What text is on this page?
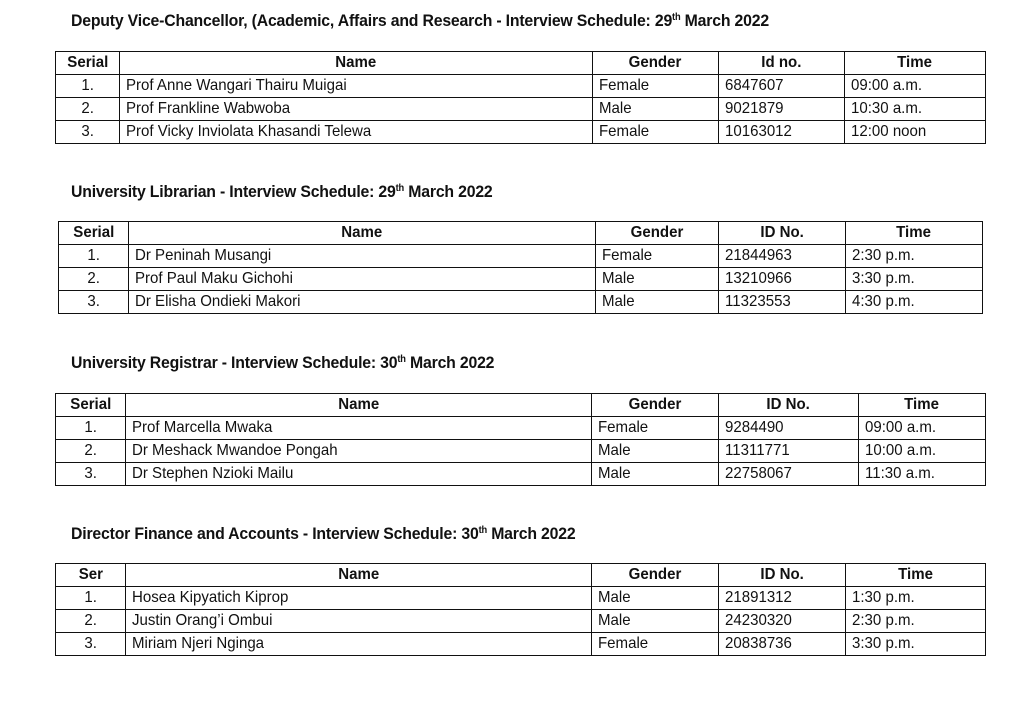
Deputy Vice-Chancellor, (Academic, Affairs and Research - Interview Schedule: 29th March 2022
Serial	Name	Gender	Id no.	Time
1.	Prof Anne Wangari Thairu Muigai	Female	6847607	09:00 a.m.
2.	Prof Frankline Wabwoba	Male	9021879	10:30 a.m.
3.	Prof Vicky Inviolata Khasandi Telewa	Female	10163012	12:00 noon
University Librarian - Interview Schedule: 29th March 2022
Serial	Name	Gender	ID No.	Time
1.	Dr Peninah Musangi	Female	21844963	2:30 p.m.
2.	Prof Paul Maku Gichohi	Male	13210966	3:30 p.m.
3.	Dr Elisha Ondieki Makori	Male	11323553	4:30 p.m.
University Registrar - Interview Schedule: 30th March 2022
Serial	Name	Gender	ID No.	Time
1.	Prof Marcella Mwaka	Female	9284490	09:00 a.m.
2.	Dr Meshack Mwandoe Pongah	Male	11311771	10:00 a.m.
3.	Dr Stephen Nzioki Mailu	Male	22758067	11:30 a.m.
Director Finance and Accounts - Interview Schedule: 30th March 2022
Ser	Name	Gender	ID No.	Time
1.	Hosea Kipyatich Kiprop	Male	21891312	1:30 p.m.
2.	Justin Orang’i Ombui	Male	24230320	2:30 p.m.
3.	Miriam Njeri Nginga	Female	20838736	3:30 p.m.
